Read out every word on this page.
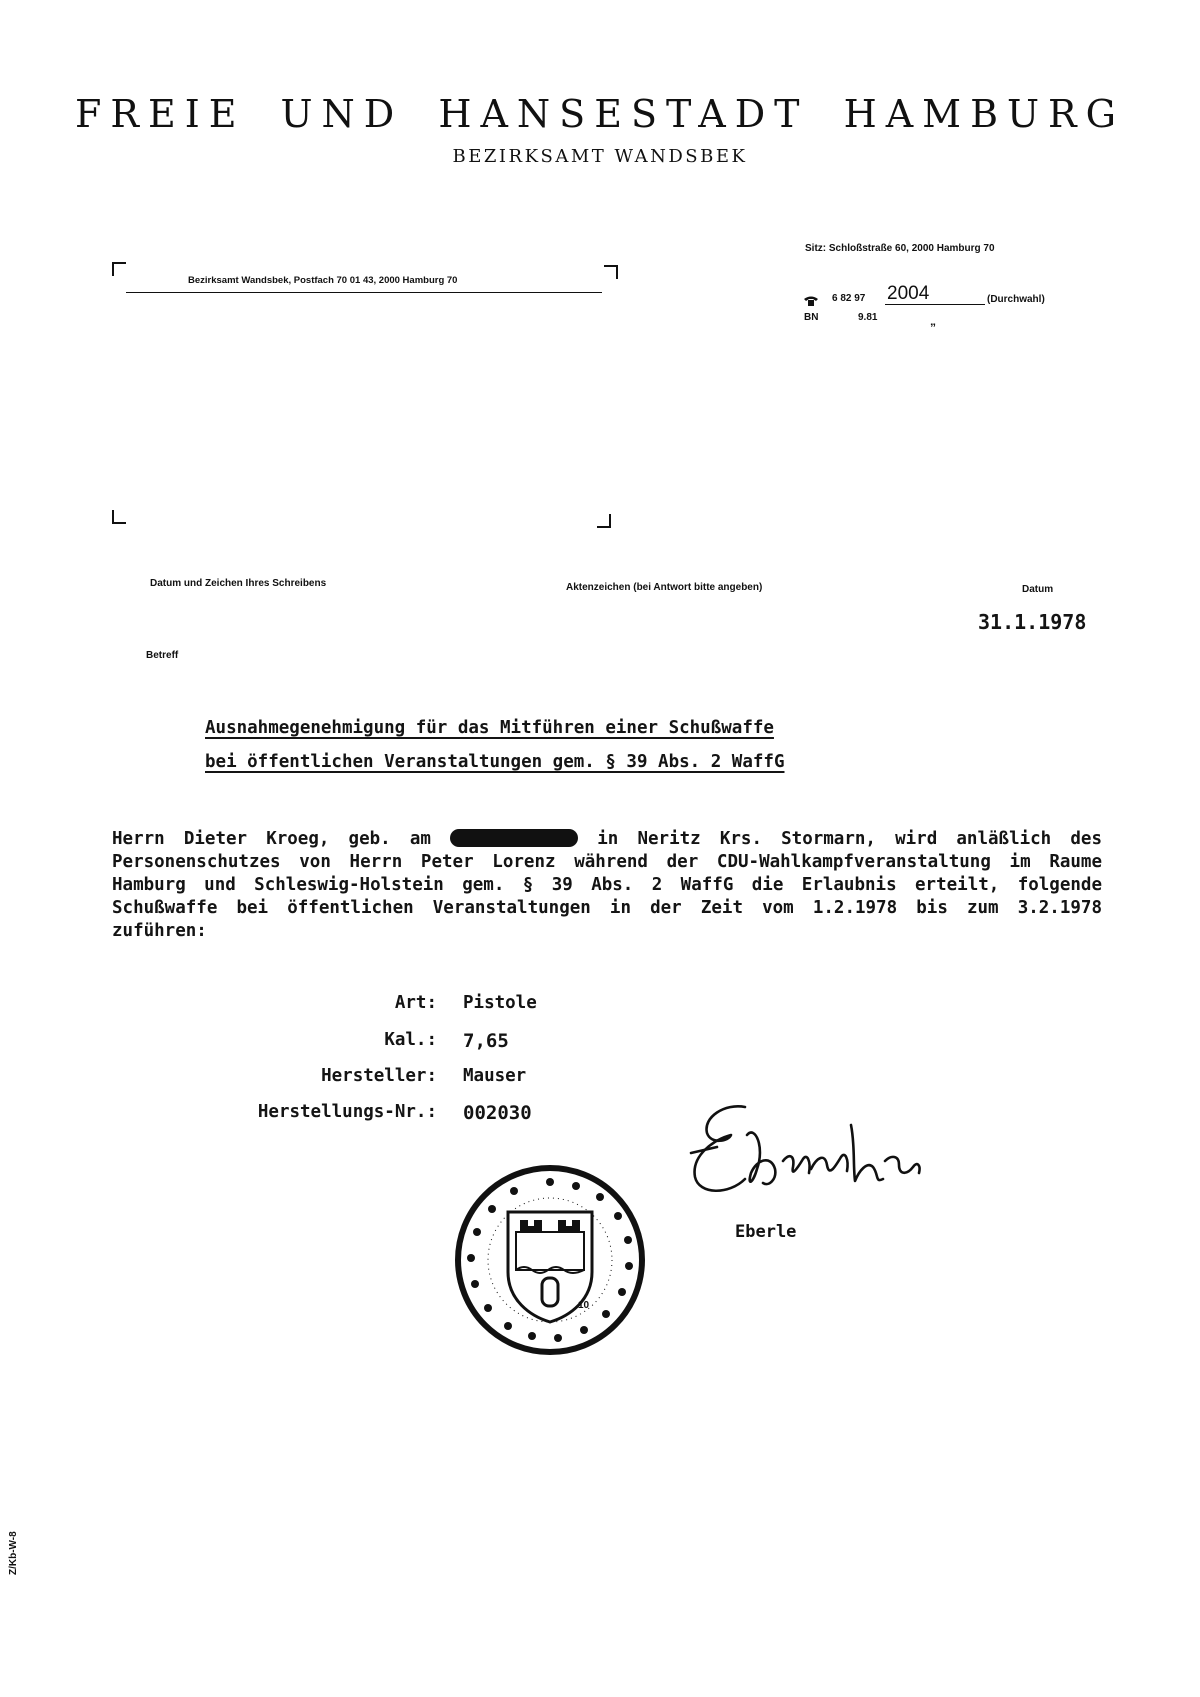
FREIE UND HANSESTADT HAMBURG
BEZIRKSAMT WANDSBEK
Sitz: Schloßstraße 60, 2000 Hamburg 70
Bezirksamt Wandsbek, Postfach 70 01 43, 2000 Hamburg 70
6 82 97 2004	(Durchwahl)
BN	9.81	„
Datum und Zeichen Ihres Schreibens	Aktenzeichen (bei Antwort bitte angeben)	Datum
31.1.1978
Betreff
Ausnahmegenehmigung für das Mitführen einer Schußwaffe
bei öffentlichen Veranstaltungen gem. § 39 Abs. 2 WaffG
Herrn Dieter Kroeg, geb. am	in Neritz Krs. Stormarn, wird anläßlich des Personenschutzes von Herrn Peter Lorenz während der CDU-Wahlkampfveranstaltung im Raume Hamburg und Schleswig-Holstein gem. § 39 Abs. 2 WaffG die Erlaubnis erteilt, folgende Schußwaffe bei öffentlichen Veranstaltungen in der Zeit vom 1.2.1978 bis zum 3.2.1978 zuführen:
Art: Pistole
Kal.: 7,65
Hersteller: Mauser
Herstellungs-Nr.: 002030
Eberle
10
Z/Kb-W-8
